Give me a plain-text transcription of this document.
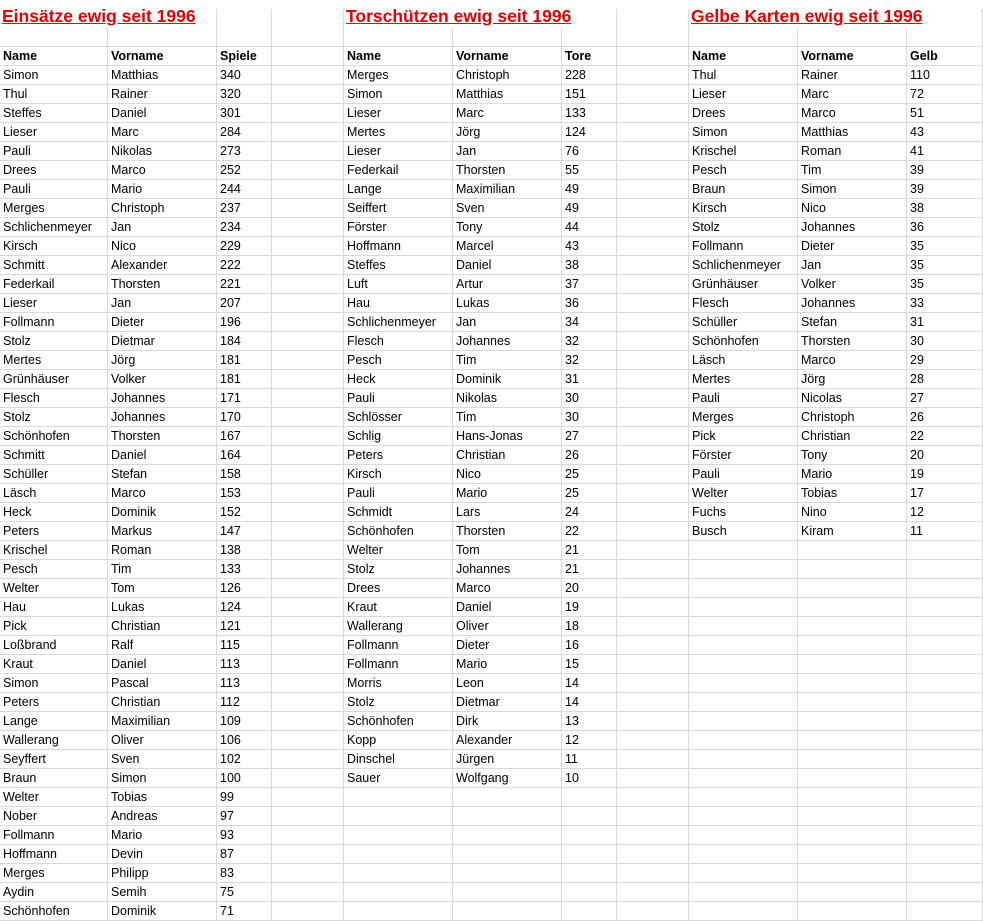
Name	Vorname	Spiele	Name	Vorname	Tore	Name	Vorname	Gelb
Simon	Matthias	340	Merges	Christoph	228	Thul	Rainer	110
Thul	Rainer	320	Simon	Matthias	151	Lieser	Marc	72
Steffes	Daniel	301	Lieser	Marc	133	Drees	Marco	51
Lieser	Marc	284	Mertes	Jörg	124	Simon	Matthias	43
Pauli	Nikolas	273	Lieser	Jan	76	Krischel	Roman	41
Drees	Marco	252	Federkail	Thorsten	55	Pesch	Tim	39
Pauli	Mario	244	Lange	Maximilian	49	Braun	Simon	39
Merges	Christoph	237	Seiffert	Sven	49	Kirsch	Nico	38
Schlichenmeyer	Jan	234	Förster	Tony	44	Stolz	Johannes	36
Kirsch	Nico	229	Hoffmann	Marcel	43	Follmann	Dieter	35
Schmitt	Alexander	222	Steffes	Daniel	38	Schlichenmeyer	Jan	35
Federkail	Thorsten	221	Luft	Artur	37	Grünhäuser	Volker	35
Lieser	Jan	207	Hau	Lukas	36	Flesch	Johannes	33
Follmann	Dieter	196	Schlichenmeyer	Jan	34	Schüller	Stefan	31
Stolz	Dietmar	184	Flesch	Johannes	32	Schönhofen	Thorsten	30
Mertes	Jörg	181	Pesch	Tim	32	Läsch	Marco	29
Grünhäuser	Volker	181	Heck	Dominik	31	Mertes	Jörg	28
Flesch	Johannes	171	Pauli	Nikolas	30	Pauli	Nicolas	27
Stolz	Johannes	170	Schlösser	Tim	30	Merges	Christoph	26
Schönhofen	Thorsten	167	Schlig	Hans-Jonas	27	Pick	Christian	22
Schmitt	Daniel	164	Peters	Christian	26	Förster	Tony	20
Schüller	Stefan	158	Kirsch	Nico	25	Pauli	Mario	19
Läsch	Marco	153	Pauli	Mario	25	Welter	Tobias	17
Heck	Dominik	152	Schmidt	Lars	24	Fuchs	Nino	12
Peters	Markus	147	Schönhofen	Thorsten	22	Busch	Kiram	11
Krischel	Roman	138	Welter	Tom	21
Pesch	Tim	133	Stolz	Johannes	21
Welter	Tom	126	Drees	Marco	20
Hau	Lukas	124	Kraut	Daniel	19
Pick	Christian	121	Wallerang	Oliver	18
Loßbrand	Ralf	115	Follmann	Dieter	16
Kraut	Daniel	113	Follmann	Mario	15
Simon	Pascal	113	Morris	Leon	14
Peters	Christian	112	Stolz	Dietmar	14
Lange	Maximilian	109	Schönhofen	Dirk	13
Wallerang	Oliver	106	Kopp	Alexander	12
Seyffert	Sven	102	Dinschel	Jürgen	11
Braun	Simon	100	Sauer	Wolfgang	10
Welter	Tobias	99
Nober	Andreas	97
Follmann	Mario	93
Hoffmann	Devin	87
Merges	Philipp	83
Aydin	Semih	75
Schönhofen	Dominik	71
Einsätze ewig seit 1996	Torschützen ewig seit 1996	Gelbe Karten ewig seit 1996
